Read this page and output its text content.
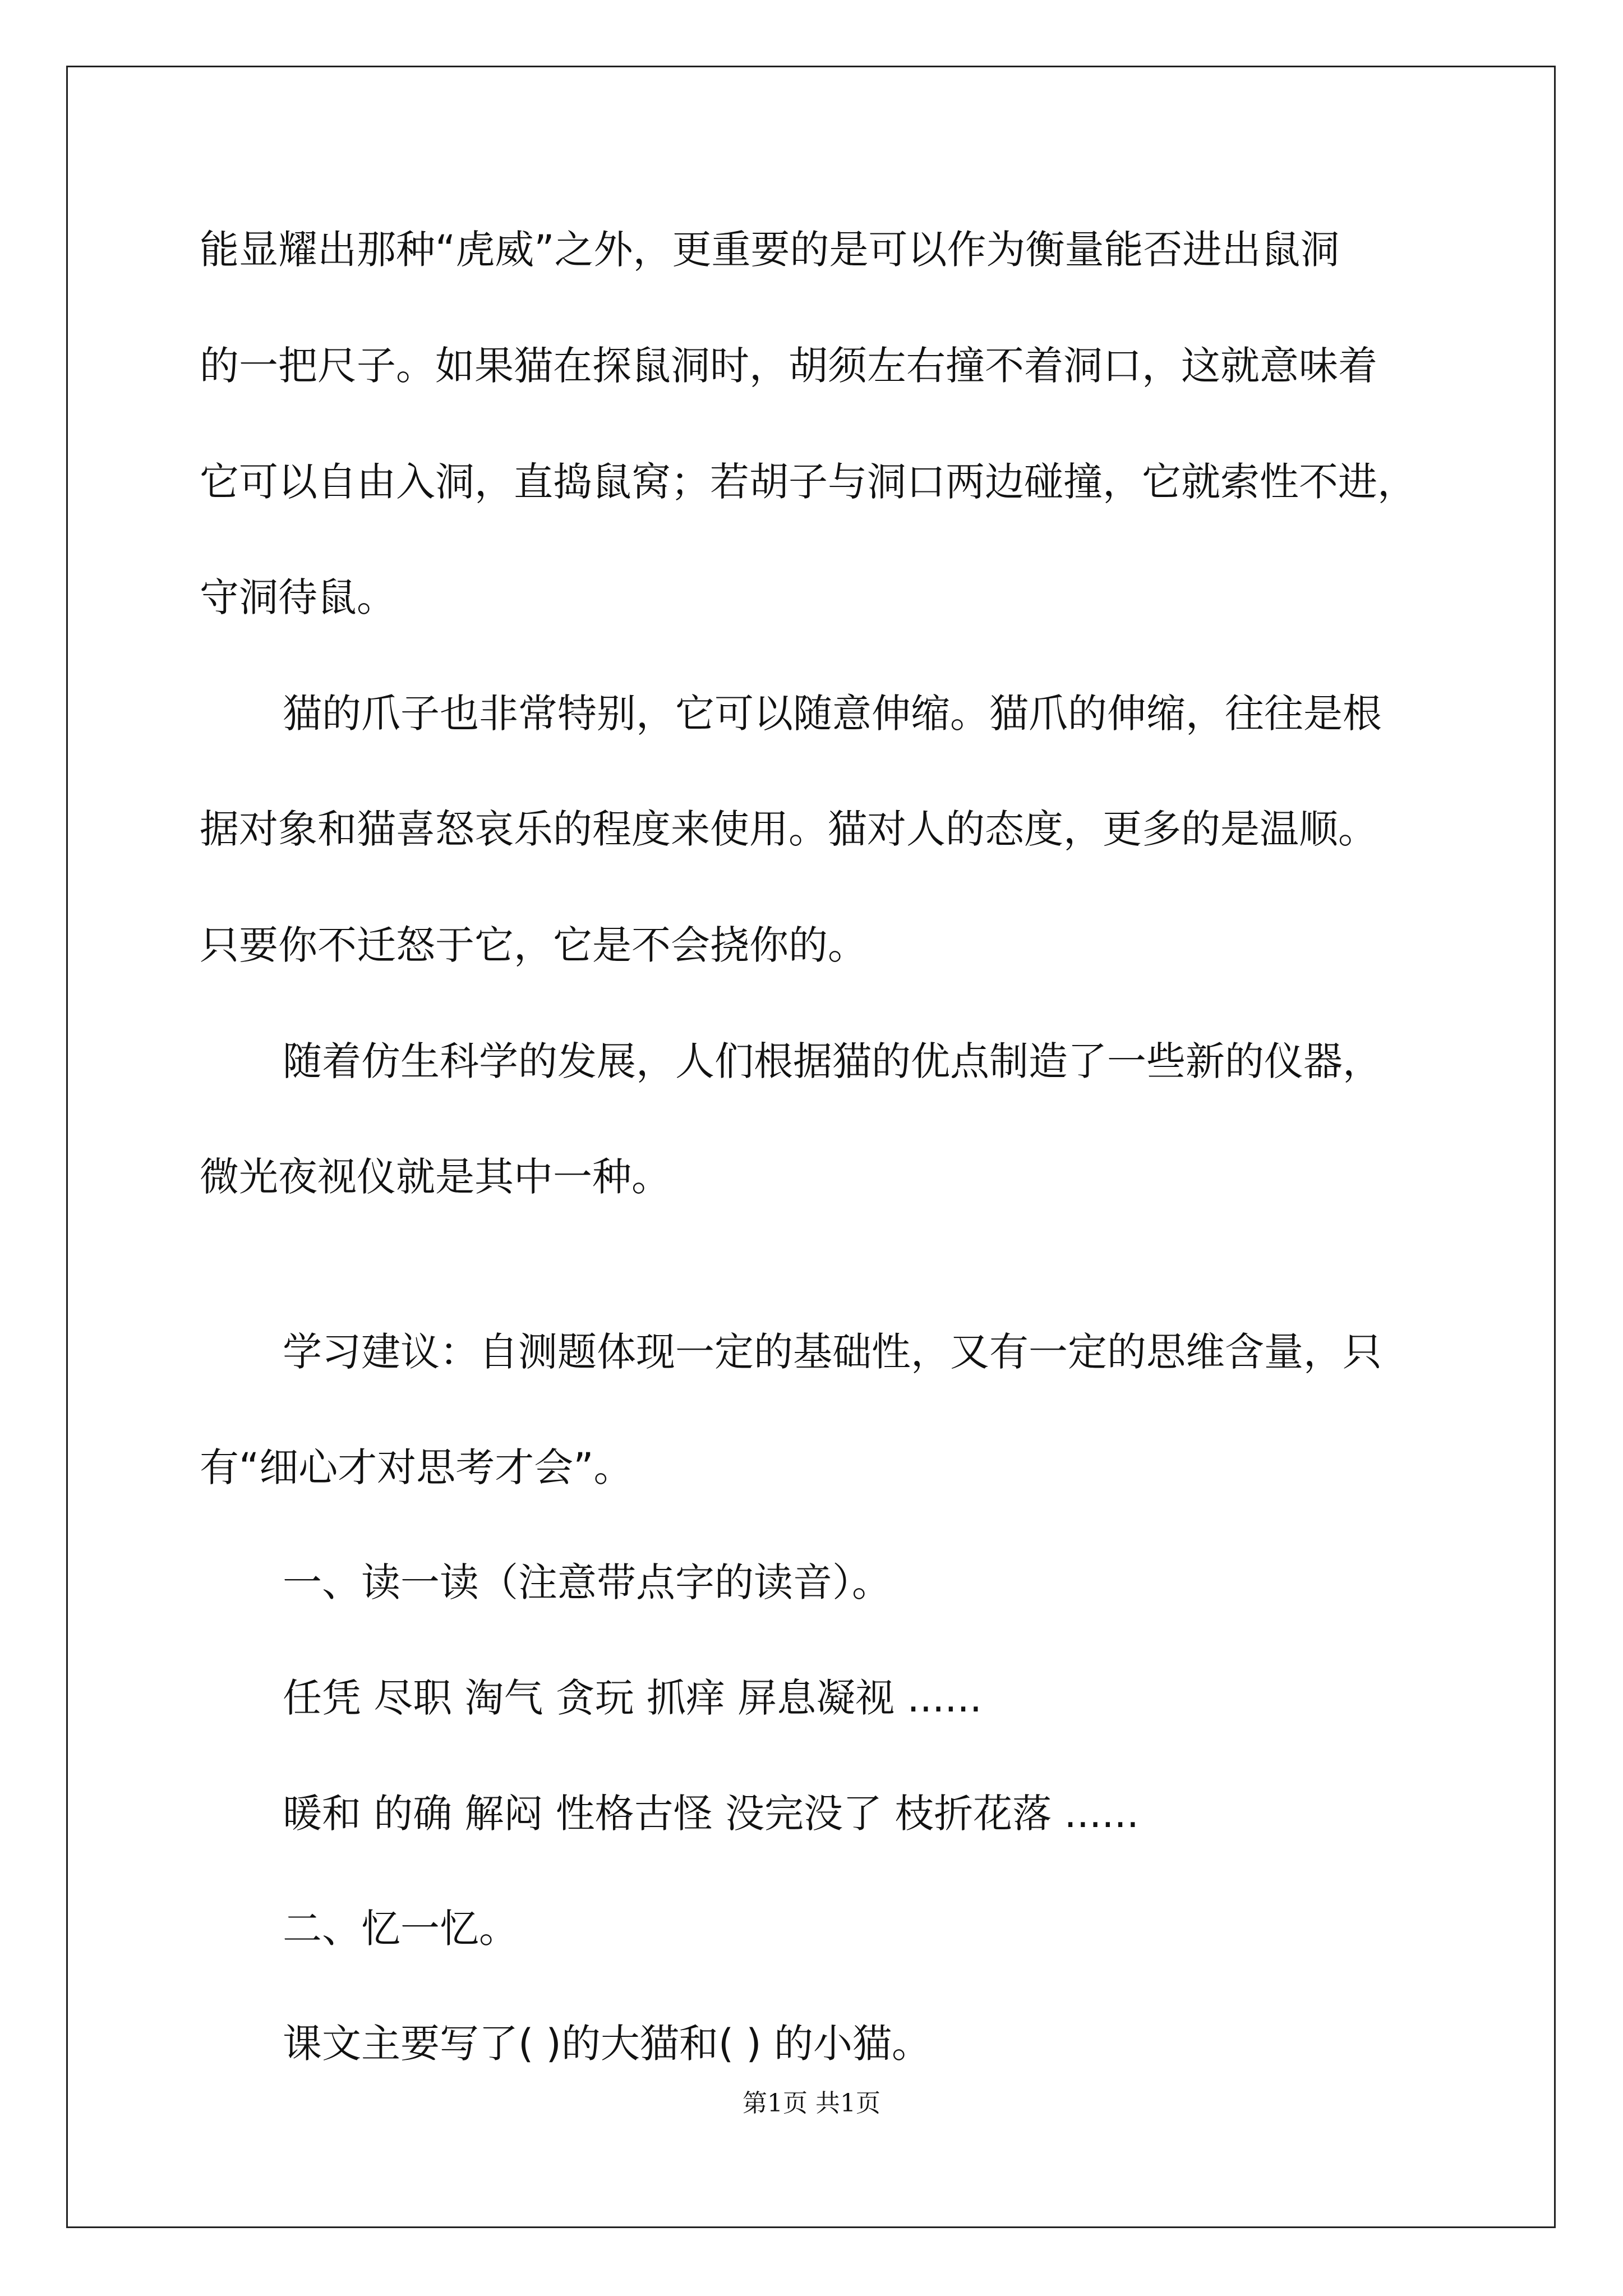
能显耀出那种“虎威”之外，更重要的是可以作为衡量能否进出鼠洞
的一把尺子。如果猫在探鼠洞时，胡须左右撞不着洞口，这就意味着
它可以自由入洞，直捣鼠窝；若胡子与洞口两边碰撞，它就索性不进，
守洞待鼠。
猫的爪子也非常特别，它可以随意伸缩。猫爪的伸缩，往往是根
据对象和猫喜怒哀乐的程度来使用。猫对人的态度，更多的是温顺。
只要你不迁怒于它，它是不会挠你的。
随着仿生科学的发展，人们根据猫的优点制造了一些新的仪器，
微光夜视仪就是其中一种。
学习建议：自测题体现一定的基础性，又有一定的思维含量，只
有“细心才对思考才会”。
一、读一读（注意带点字的读音）。
任凭 尽职 淘气 贪玩 抓痒 屏息凝视 ......
暖和 的确 解闷 性格古怪 没完没了 枝折花落 ......
二、忆一忆。
课文主要写了( )的大猫和( ) 的小猫。
第1页 共1页
